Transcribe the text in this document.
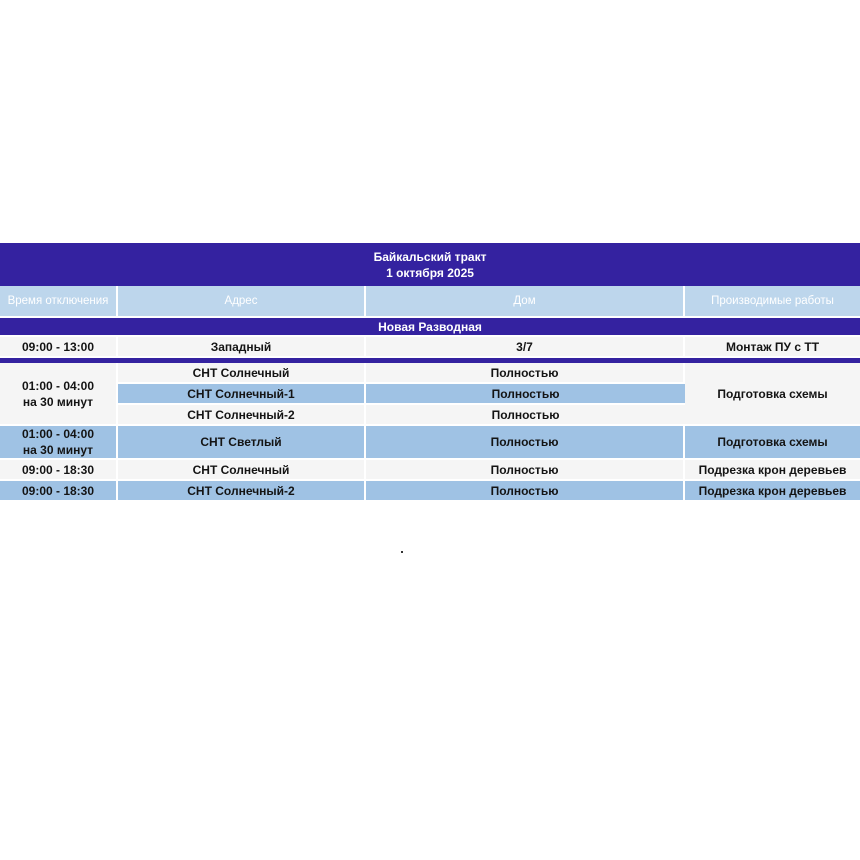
Байкальский тракт
1 октября 2025			

Время отключения	Адрес	Дом	Производимые работы
Новая Разводная			
09:00 - 13:00	Западный	3/7	Монтаж ПУ с ТТ

01:00 - 04:00
на 30 минут	СНТ Солнечный	Полностью	Подготовка схемы
	СНТ Солнечный-1	Полностью	
	СНТ Солнечный-2	Полностью	

01:00 - 04:00
на 30 минут	СНТ Светлый	Полностью	Подготовка схемы
09:00 - 18:30	СНТ Солнечный	Полностью	Подрезка крон деревьев
09:00 - 18:30	СНТ Солнечный-2	Полностью	Подрезка крон деревьев
